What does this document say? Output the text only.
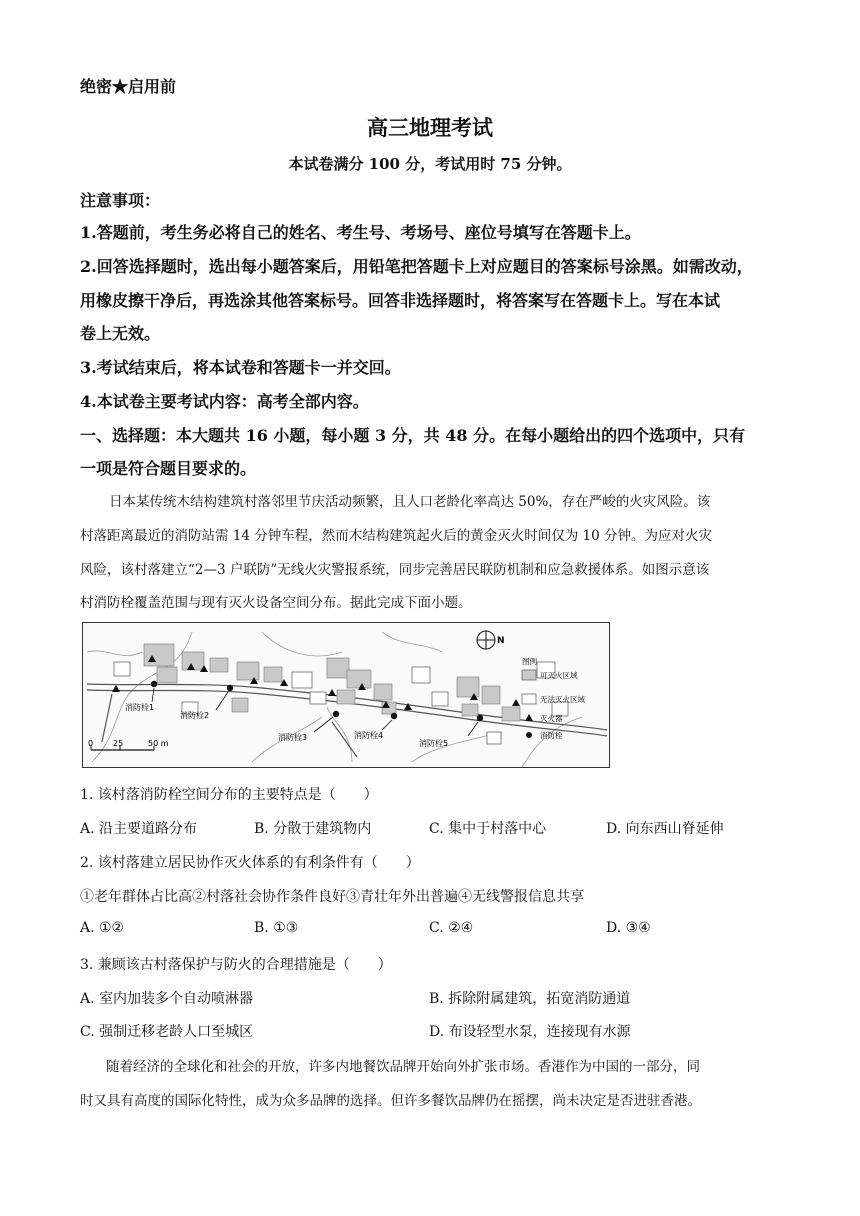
绝密★启用前
高三地理考试
本试卷满分 100 分，考试用时 75 分钟。
注意事项：
1.答题前，考生务必将自己的姓名、考生号、考场号、座位号填写在答题卡上。
2.回答选择题时，选出每小题答案后，用铅笔把答题卡上对应题目的答案标号涂黑。如需改动，
用橡皮擦干净后，再选涂其他答案标号。回答非选择题时，将答案写在答题卡上。写在本试
卷上无效。
3.考试结束后，将本试卷和答题卡一并交回。
4.本试卷主要考试内容：高考全部内容。
一、选择题：本大题共 16 小题，每小题 3 分，共 48 分。在每小题给出的四个选项中，只有
一项是符合题目要求的。
日本某传统木结构建筑村落邻里节庆活动频繁，且人口老龄化率高达 50%，存在严峻的火灾风险。该
村落距离最近的消防站需 14 分钟车程，然而木结构建筑起火后的黄金灭火时间仅为 10 分钟。为应对火灾
风险，该村落建立“2—3 户联防”无线火灾警报系统，同步完善居民联防机制和应急救援体系。如图示意该
村消防栓覆盖范围与现有灭火设备空间分布。据此完成下面小题。
消防栓1
消防栓2
消防栓3	消防栓4
消防栓5
0 25	50 m
N
图例
可灭火区域
无法灭火区域
灭火器
消防栓
1. 该村落消防栓空间分布的主要特点是（　　）
A. 沿主要道路分布	B. 分散于建筑物内	C. 集中于村落中心	D. 向东西山脊延伸
2. 该村落建立居民协作灭火体系的有利条件有（　　）
①老年群体占比高②村落社会协作条件良好③青壮年外出普遍④无线警报信息共享
A. ①②	B. ①③	C. ②④	D. ③④
3. 兼顾该古村落保护与防火的合理措施是（　　）
A. 室内加装多个自动喷淋器	B. 拆除附属建筑，拓宽消防通道
C. 强制迁移老龄人口至城区	D. 布设轻型水泵，连接现有水源
随着经济的全球化和社会的开放，许多内地餐饮品牌开始向外扩张市场。香港作为中国的一部分，同
时又具有高度的国际化特性，成为众多品牌的选择。但许多餐饮品牌仍在摇摆，尚未决定是否进驻香港。
